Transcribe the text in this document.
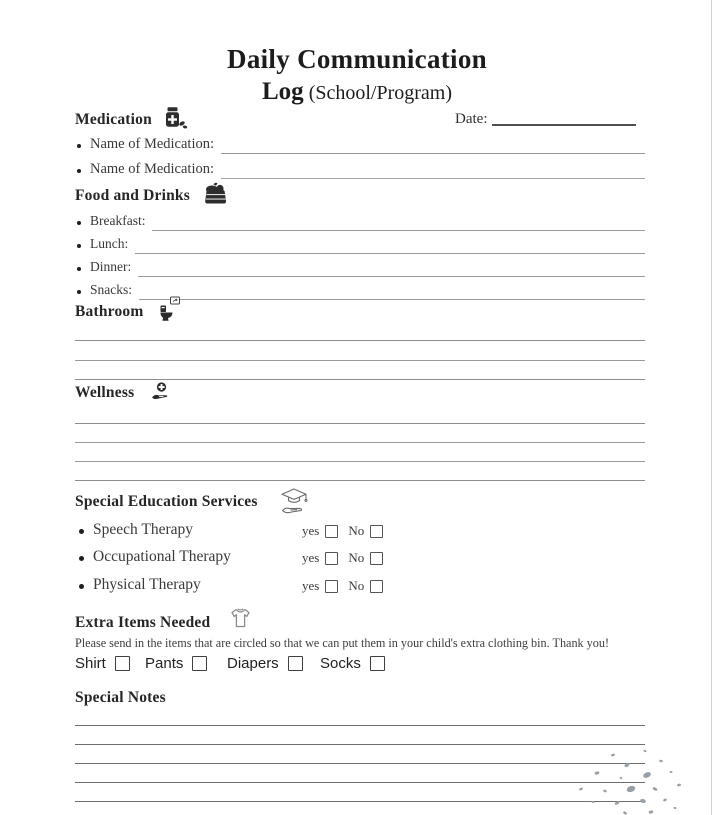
Daily Communication
Log (School/Program)
Medication	Date:
Name of Medication:
Name of Medication:
Food and Drinks
Breakfast:
Lunch:
Dinner:
Snacks:
Bathroom
Wellness
Special Education Services
Speech Therapy	yes No
Occupational Therapy	yes No
Physical Therapy	yes No
Extra Items Needed
Please send in the items that are circled so that we can put them in your child's extra clothing bin. Thank you!
Shirt	Pants	Diapers	Socks
Special Notes
